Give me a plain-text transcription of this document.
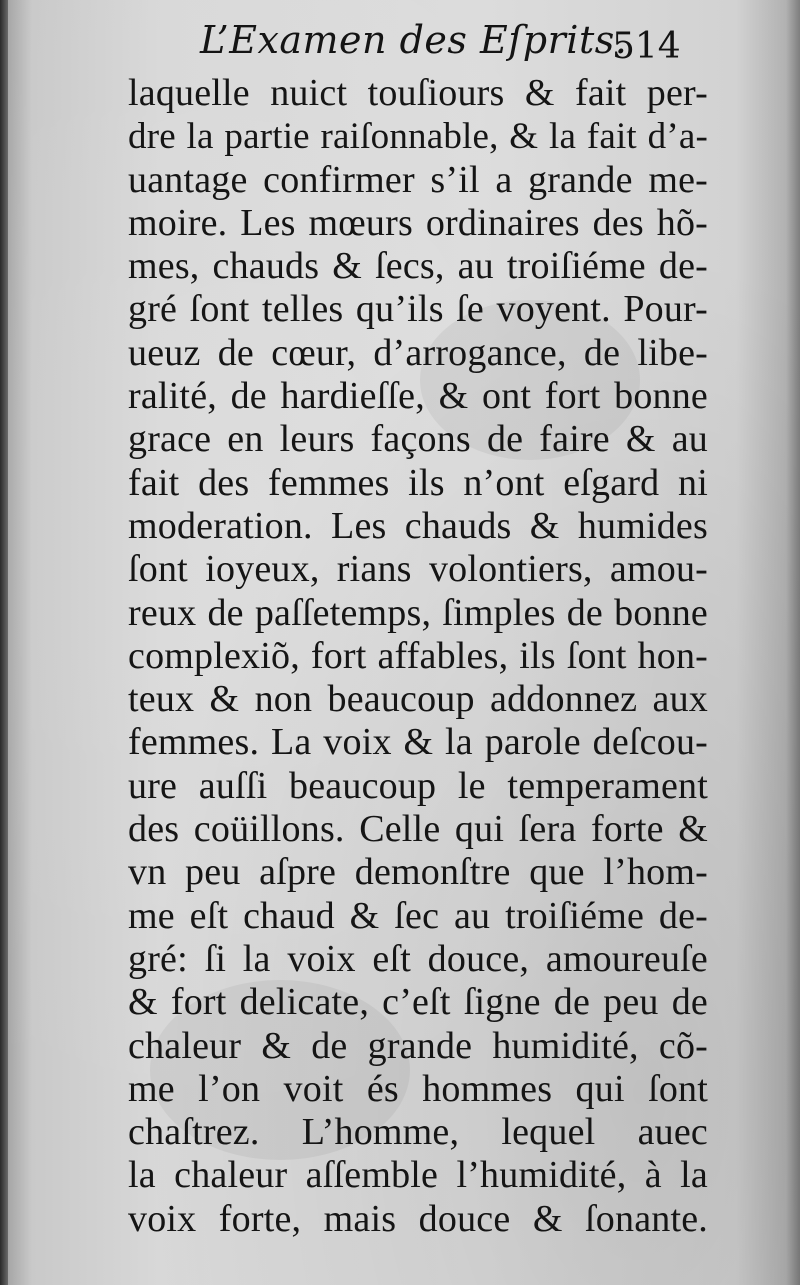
L’Examen des Eſprits.
514
laquelle nuict touſiours & fait per-
dre la partie raiſonnable, & la fait d’a-
uantage confirmer s’il a grande me-
moire. Les mœurs ordinaires des hõ-
mes, chauds & ſecs, au troiſiéme de-
gré ſont telles qu’ils ſe voyent. Pour-
ueuz de cœur, d’arrogance, de libe-
ralité, de hardieſſe, & ont fort bonne
grace en leurs façons de faire & au
fait des femmes ils n’ont eſgard ni
moderation. Les chauds & humides
ſont ioyeux, rians volontiers, amou-
reux de paſſetemps, ſimples de bonne
complexiõ, fort affables, ils ſont hon-
teux & non beaucoup addonnez aux
femmes. La voix & la parole deſcou-
ure auſſi beaucoup le temperament
des coüillons. Celle qui ſera forte &
vn peu aſpre demonſtre que l’hom-
me eſt chaud & ſec au troiſiéme de-
gré: ſi la voix eſt douce, amoureuſe
& fort delicate, c’eſt ſigne de peu de
chaleur & de grande humidité, cõ-
me l’on voit és hommes qui ſont
chaſtrez. L’homme, lequel auec
la chaleur aſſemble l’humidité, à la
voix forte, mais douce & ſonante.
